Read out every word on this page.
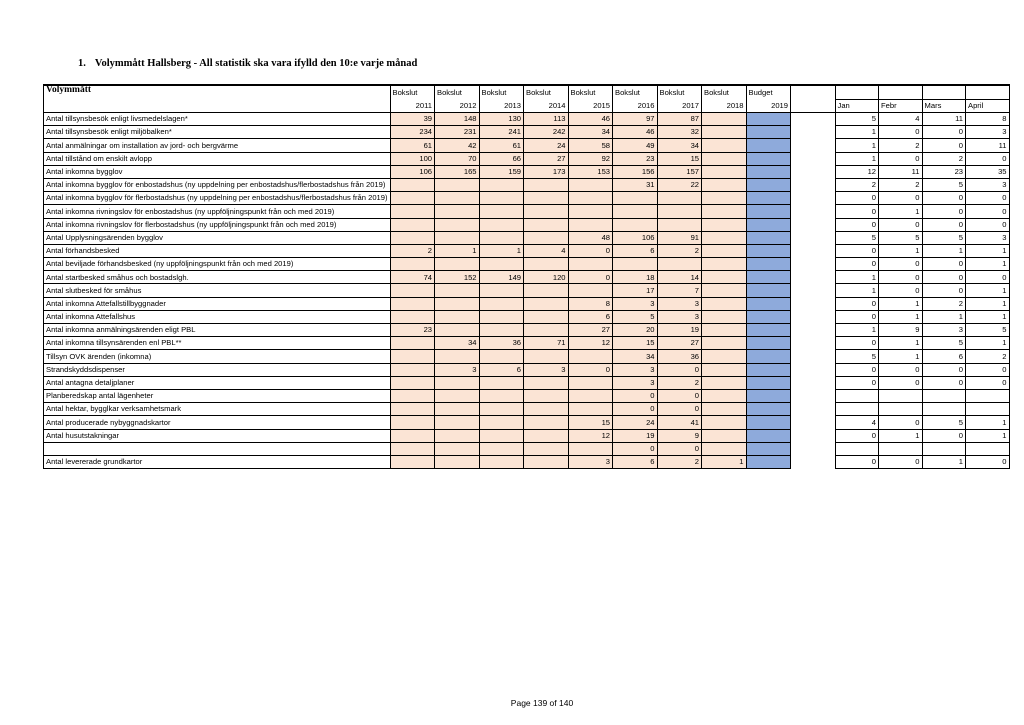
1. Volymmått Hallsberg - All statistik ska vara ifylld den 10:e varje månad
Volymmått	Bokslut	Bokslut	Bokslut	Bokslut	Bokslut	Bokslut	Bokslut	Bokslut	Budget					
	2011	2012	2013	2014	2015	2016	2017	2018	2019		Jan	Febr	Mars	April
Antal tillsynsbesök enligt livsmedelslagen*	39	148	130	113	46	97	87				5	4	11	8
Antal tillsynsbesök enligt miljöbalken*	234	231	241	242	34	46	32				1	0	0	3
Antal anmälningar om installation av jord- och bergvärme	61	42	61	24	58	49	34				1	2	0	11
Antal tillstånd om enskilt avlopp	100	70	66	27	92	23	15				1	0	2	0
Antal inkomna bygglov	106	165	159	173	153	156	157				12	11	23	35
Antal inkomna bygglov för enbostadshus (ny uppdelning per enbostadshus/flerbostadshus från 2019)						31	22				2	2	5	3
Antal inkomna bygglov för flerbostadshus (ny uppdelning per enbostadshus/flerbostadshus från 2019)											0	0	0	0
Antal inkomna rivningslov för enbostadshus (ny uppföljningspunkt från och med 2019)											0	1	0	0
Antal inkomna rivningslov för flerbostadshus (ny uppföljningspunkt från och med 2019)											0	0	0	0
Antal Upplysningsärenden bygglov					48	106	91				5	5	5	3
Antal förhandsbesked	2	1	1	4	0	6	2				0	1	1	1
Antal beviljade förhandsbesked (ny uppföljningspunkt från och med 2019)											0	0	0	1
Antal startbesked småhus och bostadslgh.	74	152	149	120	0	18	14				1	0	0	0
Antal slutbesked för småhus						17	7				1	0	0	1
Antal inkomna Attefallstillbyggnader					8	3	3				0	1	2	1
Antal inkomna Attefallshus					6	5	3				0	1	1	1
Antal inkomna anmälningsärenden eligt PBL	23				27	20	19				1	9	3	5
Antal inkomna tillsynsärenden enl PBL**		34	36	71	12	15	27				0	1	5	1
Tillsyn OVK ärenden (inkomna)						34	36				5	1	6	2
Strandskyddsdispenser		3	6	3	0	3	0				0	0	0	0
Antal antagna detaljplaner						3	2				0	0	0	0
Planberedskap antal lägenheter						0	0							
Antal hektar, bygglkar verksamhetsmark						0	0							
Antal producerade nybyggnadskartor					15	24	41				4	0	5	1
Antal husutstakningar					12	19	9				0	1	0	1
						0	0							
Antal levererade grundkartor					3	6	2	1			0	0	1	0
Page 139 of 140
